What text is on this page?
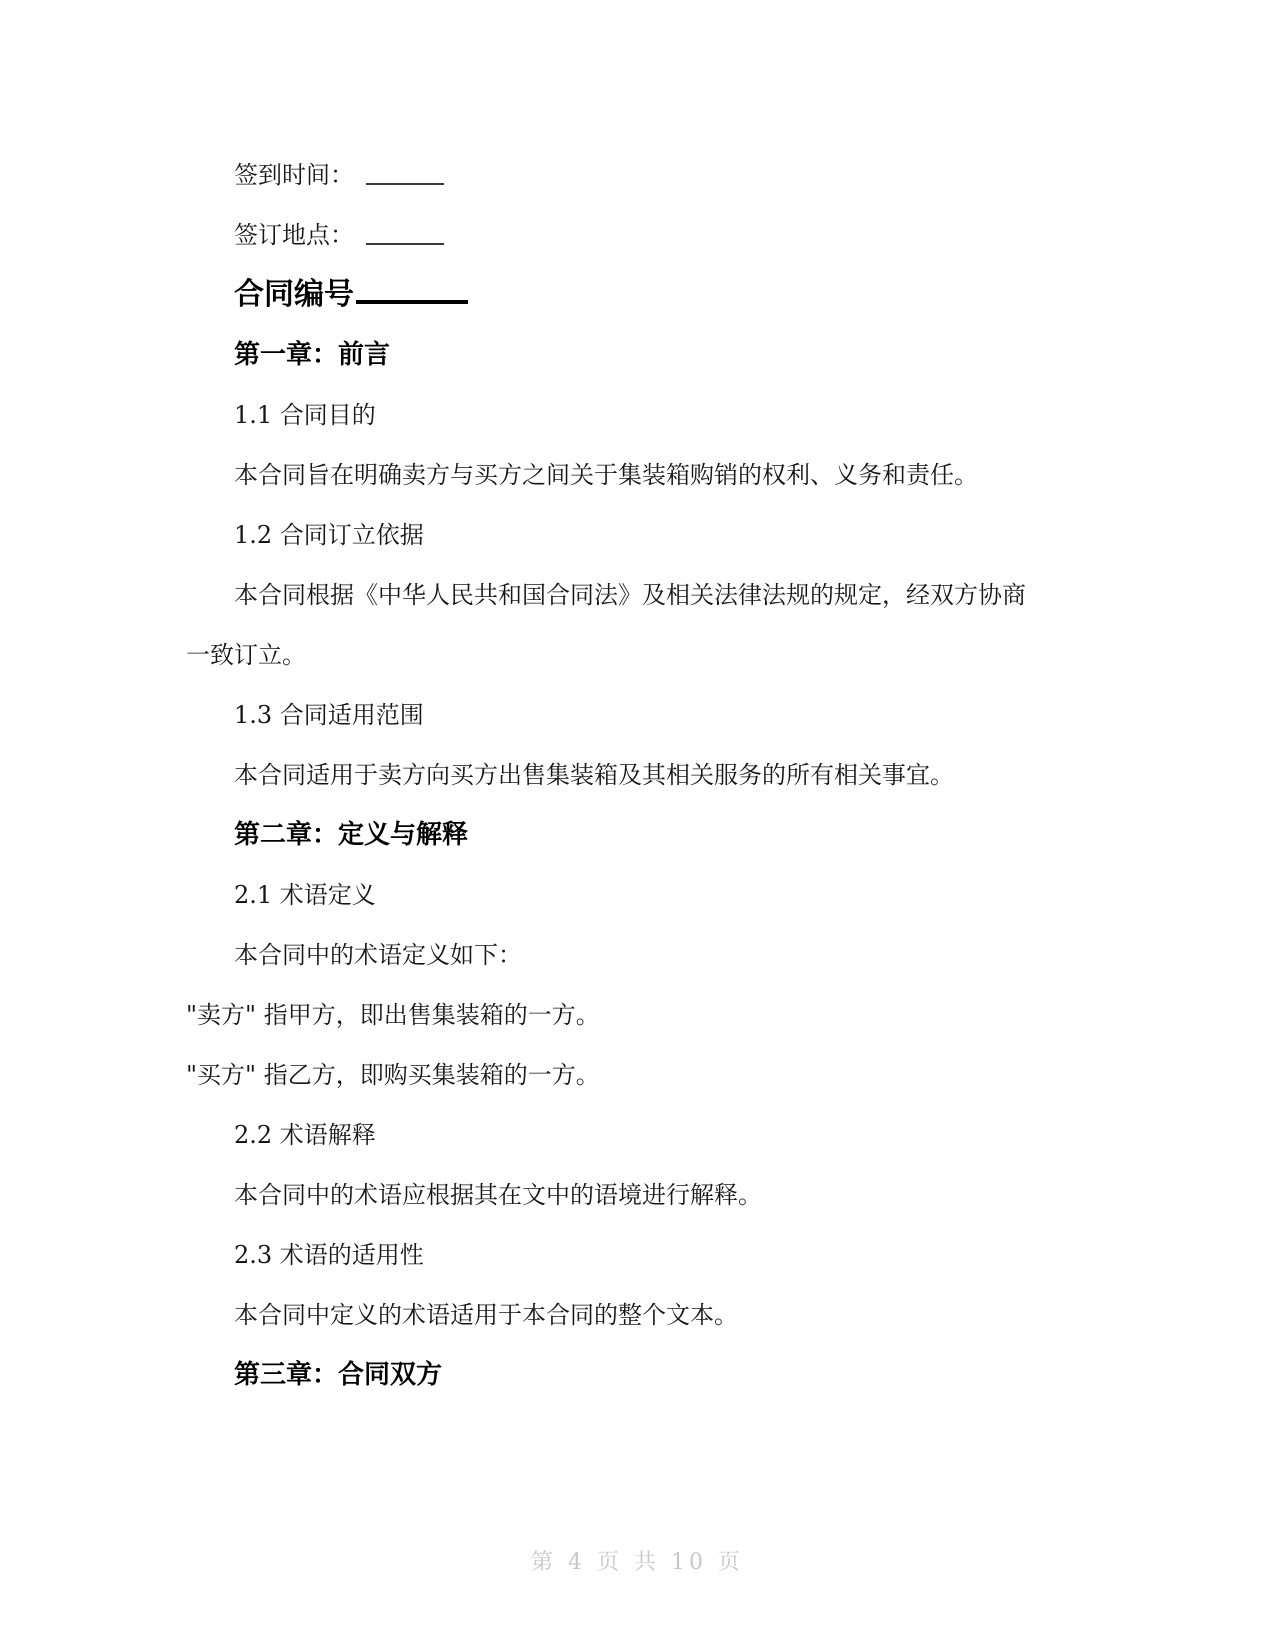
签到时间：

签订地点：

合同编号

第一章：前言

1.1 合同目的

本合同旨在明确卖方与买方之间关于集装箱购销的权利、义务和责任。

1.2 合同订立依据

本合同根据《中华人民共和国合同法》及相关法律法规的规定，经双方协商一致订立。

1.3 合同适用范围

本合同适用于卖方向买方出售集装箱及其相关服务的所有相关事宜。

第二章：定义与解释

2.1 术语定义

本合同中的术语定义如下：

"卖方" 指甲方，即出售集装箱的一方。

"买方" 指乙方，即购买集装箱的一方。

2.2 术语解释

本合同中的术语应根据其在文中的语境进行解释。

2.3 术语的适用性

本合同中定义的术语适用于本合同的整个文本。

第三章：合同双方

第 4 页 共 10 页
